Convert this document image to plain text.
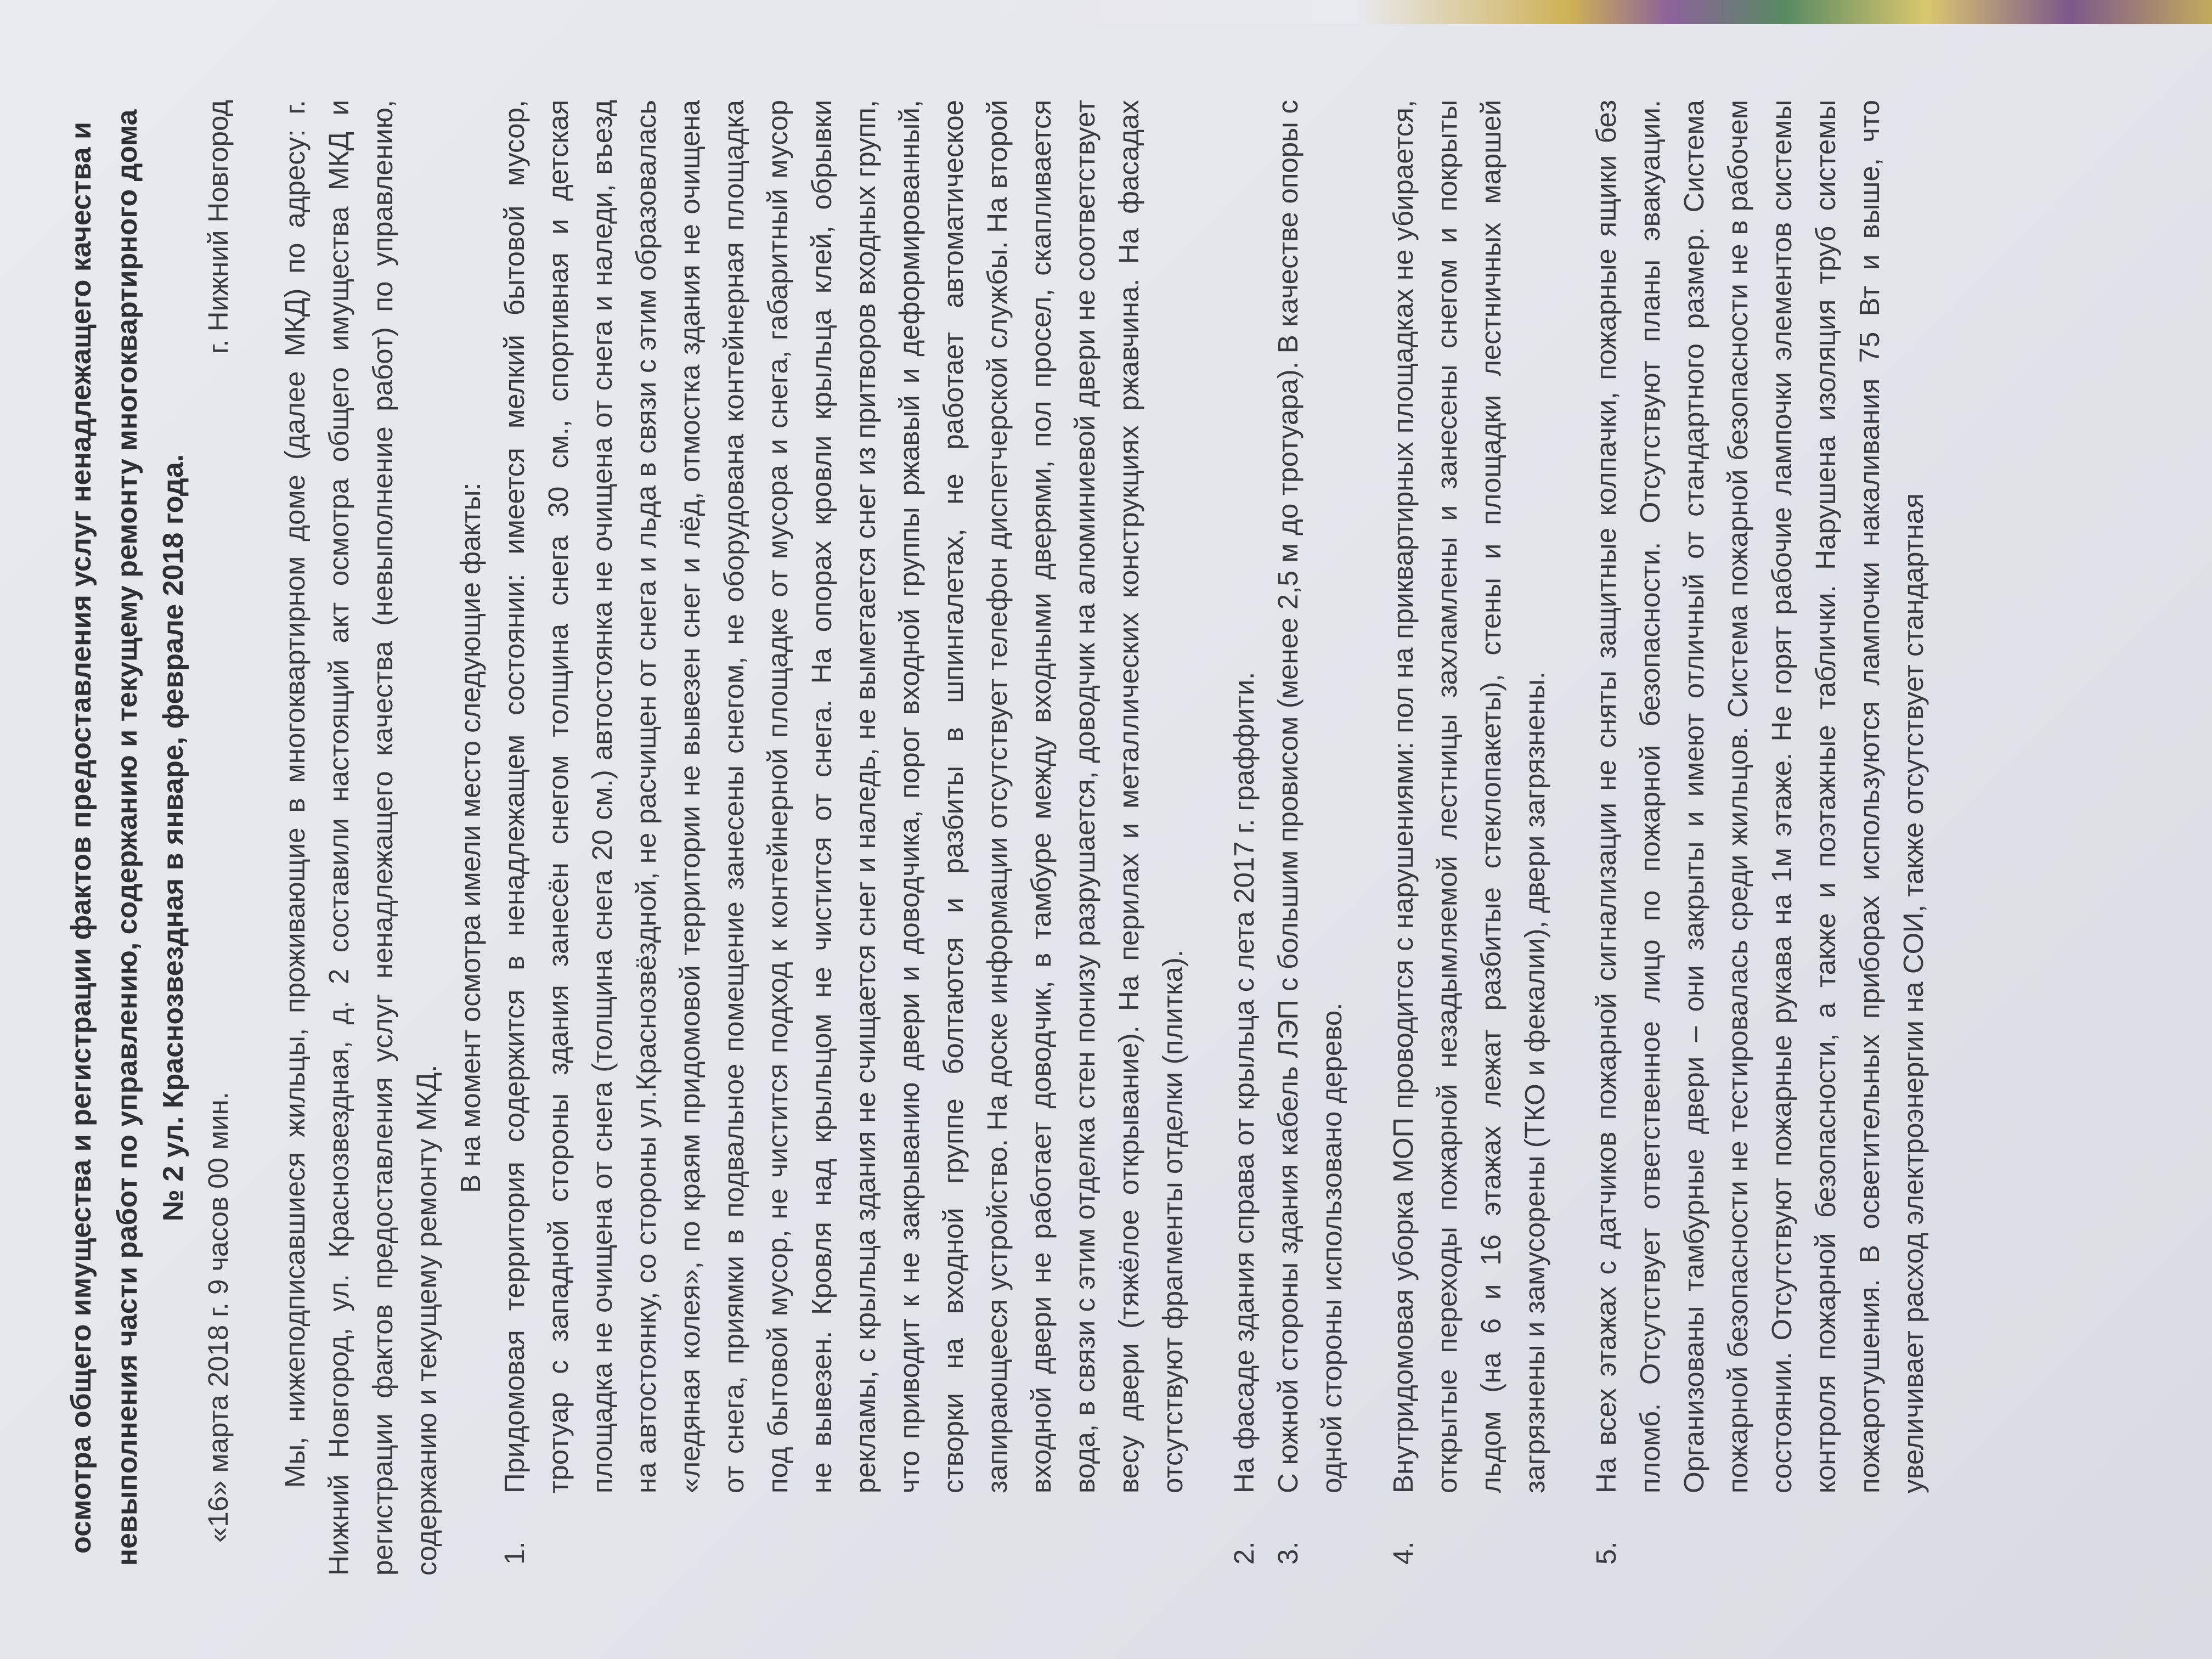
осмотра общего имущества и регистрации фактов предоставления услуг ненадлежащего качества и невыполнения части работ по управлению, содержанию и текущему ремонту многоквартирного дома № 2 ул. Краснозвездная в январе, феврале 2018 года.

«16» марта 2018 г. 9 часов 00 мин.
г. Нижний Новгород Мы, нижеподписавшиеся жильцы, проживающие в многоквартирном доме (далее МКД) по адресу: г. Нижний Новгород, ул. Краснозвездная, д. 2 составили настоящий акт осмотра общего имущества МКД и регистрации фактов предоставления услуг ненадлежащего качества (невыполнение работ) по управлению, содержанию и текущему ремонту МКД.

В на момент осмотра имели место следующие факты:

1.
Придомовая территория содержится в ненадлежащем состоянии: имеется мелкий бытовой мусор, тротуар с западной стороны здания занесён снегом толщина снега 30 см., спортивная и детская площадка не очищена от снега (толщина снега 20 см.) автостоянка не очищена от снега и наледи, въезд на автостоянку, со стороны ул.Краснозвёздной, не расчищен от снега и льда в связи с этим образовалась «ледяная колея», по краям придомовой территории не вывезен снег и лёд, отмостка здания не очищена от снега, приямки в подвальное помещение занесены снегом, не оборудована контейнерная площадка под бытовой мусор, не чистится подход к контейнерной площадке от мусора и снега, габаритный мусор не вывезен. Кровля над крыльцом не чистится от снега. На опорах кровли крыльца клей, обрывки рекламы, с крыльца здания не счищается снег и наледь, не выметается снег из притворов входных групп, что приводит к не закрыванию двери и доводчика, порог входной группы ржавый и деформированный, створки на входной группе болтаются и разбиты в шпингалетах, не работает автоматическое запирающееся устройство. На доске информации отсутствует телефон диспетчерской службы. На второй входной двери не работает доводчик, в тамбуре между входными дверями, пол просел, скапливается вода, в связи с этим отделка стен понизу разрушается, доводчик на алюминиевой двери не соответствует весу двери (тяжёлое открывание). На перилах и металлических конструкциях ржавчина. На фасадах отсутствуют фрагменты отделки (плитка).
2.
На фасаде здания справа от крыльца с лета 2017 г. граффити.
3.
С южной стороны здания кабель ЛЭП с большим провисом (менее 2,5 м до тротуара). В качестве опоры с одной стороны использовано дерево.
4.
Внутридомовая уборка МОП проводится с нарушениями: пол на приквартирных площадках не убирается, открытые переходы пожарной незадымляемой лестницы захламлены и занесены снегом и покрыты льдом (на 6 и 16 этажах лежат разбитые стеклопакеты), стены и площадки лестничных маршей загрязнены и замусорены (ТКО и фекалии), двери загрязнены.
5.
На всех этажах с датчиков пожарной сигнализации не сняты защитные колпачки, пожарные ящики без пломб. Отсутствует ответственное лицо по пожарной безопасности. Отсутствуют планы эвакуации. Организованы тамбурные двери – они закрыты и имеют отличный от стандартного размер. Система пожарной безопасности не тестировалась среди жильцов. Система пожарной безопасности не в рабочем состоянии. Отсутствуют пожарные рукава на 1м этаже. Не горят рабочие лампочки элементов системы контроля пожарной безопасности, а также и поэтажные таблички. Нарушена изоляция труб системы пожаротушения. В осветительных приборах используются лампочки накаливания 75 Вт и выше, что увеличивает расход электроэнергии на СОИ, также отсутствует стандартная
